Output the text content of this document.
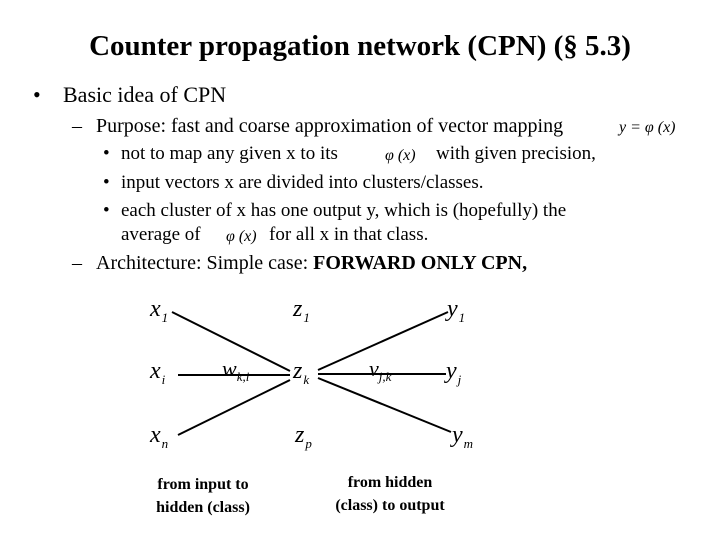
Counter propagation network (CPN) (§ 5.3)
• Basic idea of CPN
– Purpose: fast and coarse approximation of vector mapping	y = φ (x)
• not to map any given x to its	φ (x) with given precision,
• input vectors x are divided into clusters/classes.
• each cluster of x has one output y, which is (hopefully) the
average of φ (x) for all x in that class.
– Architecture: Simple case: FORWARD ONLY CPN,
$x_1$
$x_i$
$x_n$
$z_1$
$z_k$
$z_p$
$y_1$
$y_j$
$y_m$
$w_{k,i}$	$v_{j,k}$
from input to
hidden (class)
from hidden
(class) to output
